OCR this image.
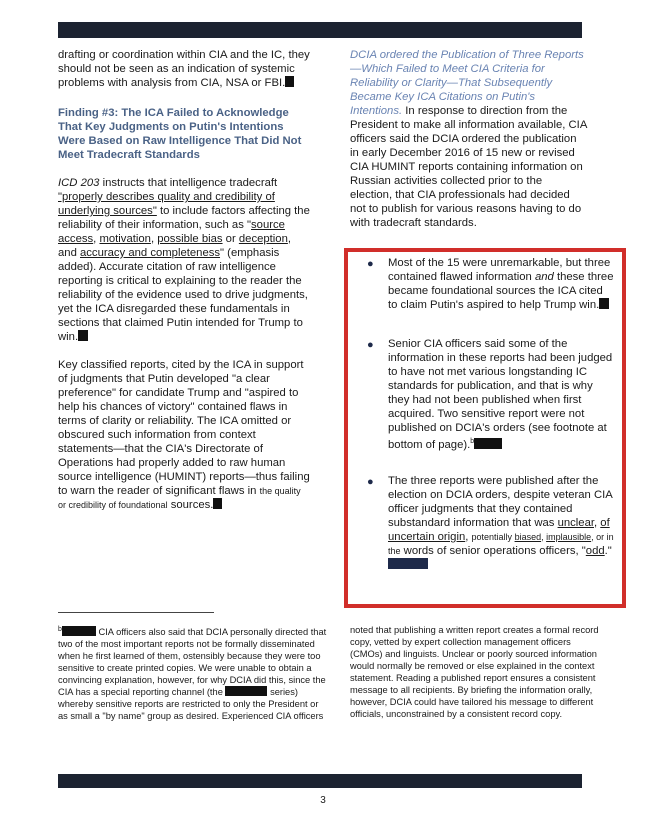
drafting or coordination within CIA and the IC, they should not be seen as an indication of systemic problems with analysis from CIA, NSA or FBI.

Finding #3: The ICA Failed to Acknowledge That Key Judgments on Putin's Intentions Were Based on Raw Intelligence That Did Not Meet Tradecraft Standards

ICD 203 instructs that intelligence tradecraft "properly describes quality and credibility of underlying sources" to include factors affecting the reliability of their information, such as "source access, motivation, possible bias or deception, and accuracy and completeness" (emphasis added). Accurate citation of raw intelligence reporting is critical to explaining to the reader the reliability of the evidence used to drive judgments, yet the ICA disregarded these fundamentals in sections that claimed Putin intended for Trump to win.

Key classified reports, cited by the ICA in support of judgments that Putin developed "a clear preference" for candidate Trump and "aspired to help his chances of victory" contained flaws in terms of clarity or reliability. The ICA omitted or obscured such information from context statements—that the CIA's Directorate of Operations had properly added to raw human source intelligence (HUMINT) reports—thus failing to warn the reader of significant flaws in the quality or credibility of foundational sources.

DCIA ordered the Publication of Three Reports—Which Failed to Meet CIA Criteria for Reliability or Clarity—That Subsequently Became Key ICA Citations on Putin's Intentions. In response to direction from the President to make all information available, CIA officers said the DCIA ordered the publication in early December 2016 of 15 new or revised CIA HUMINT reports containing information on Russian activities collected prior to the election, that CIA professionals had decided not to publish for various reasons having to do with tradecraft standards.

● Most of the 15 were unremarkable, but three contained flawed information and these three became foundational sources the ICA cited to claim Putin's aspired to help Trump win.

● Senior CIA officers said some of the information in these reports had been judged to have not met various longstanding IC standards for publication, and that is why they had not been published when first acquired. Two sensitive report were not published on DCIA's orders (see footnote at bottom of page).$^b$

● The three reports were published after the election on DCIA orders, despite veteran CIA officer judgments that they contained substandard information that was unclear, of uncertain origin, potentially biased, implausible, or in the words of senior operations officers, "odd."

$^b$	CIA officers also said that DCIA personally directed that two of the most important reports not be formally disseminated when he first learned of them, ostensibly because they were too sensitive to create printed copies. We were unable to obtain a convincing explanation, however, for why DCIA did this, since the CIA has a special reporting channel (the	series) whereby sensitive reports are restricted to only the President or as small a "by name" group as desired. Experienced CIA officers
noted that publishing a written report creates a formal record copy, vetted by expert collection management officers (CMOs) and linguists. Unclear or poorly sourced information would normally be removed or else explained in the context statement. Reading a published report ensures a consistent message to all recipients. By briefing the information orally, however, DCIA could have tailored his message to different officials, unconstrained by a consistent record copy.
3
